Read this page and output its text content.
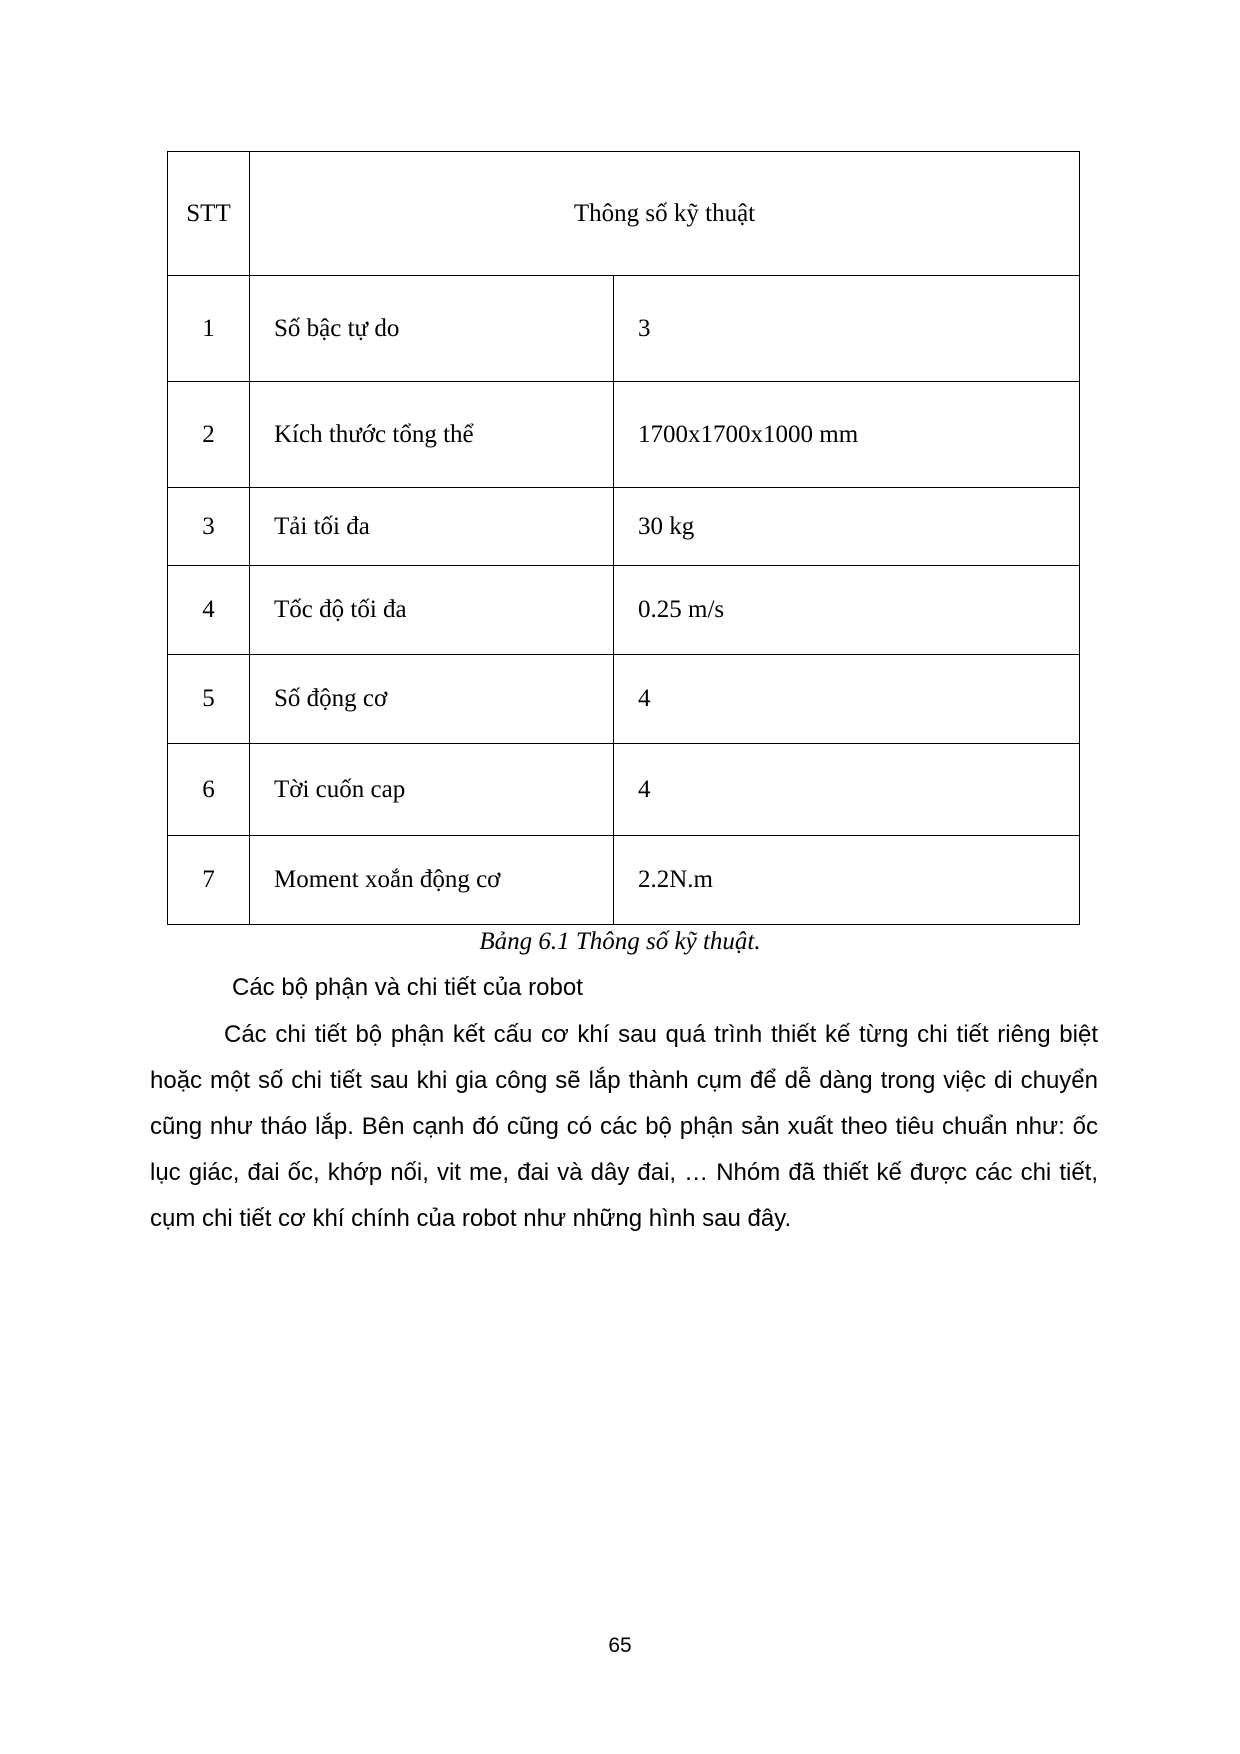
STT	Thông số kỹ thuật	
1	Số bậc tự do	3
2	Kích thước tổng thể	1700x1700x1000 mm
3	Tải tối đa	30 kg
4	Tốc độ tối đa	0.25 m/s
5	Số động cơ	4
6	Tời cuốn cap	4
7	Moment xoắn động cơ	2.2N.m
Bảng 6.1 Thông số kỹ thuật.
Các bộ phận và chi tiết của robot
Các chi tiết bộ phận kết cấu cơ khí sau quá trình thiết kế từng chi tiết riêng biệt
hoặc một số chi tiết sau khi gia công sẽ lắp thành cụm để dễ dàng trong việc di chuyển
cũng như tháo lắp. Bên cạnh đó cũng có các bộ phận sản xuất theo tiêu chuẩn như: ốc
lục giác, đai ốc, khớp nối, vit me, đai và dây đai, … Nhóm đã thiết kế được các chi tiết,
cụm chi tiết cơ khí chính của robot như những hình sau đây.
65
